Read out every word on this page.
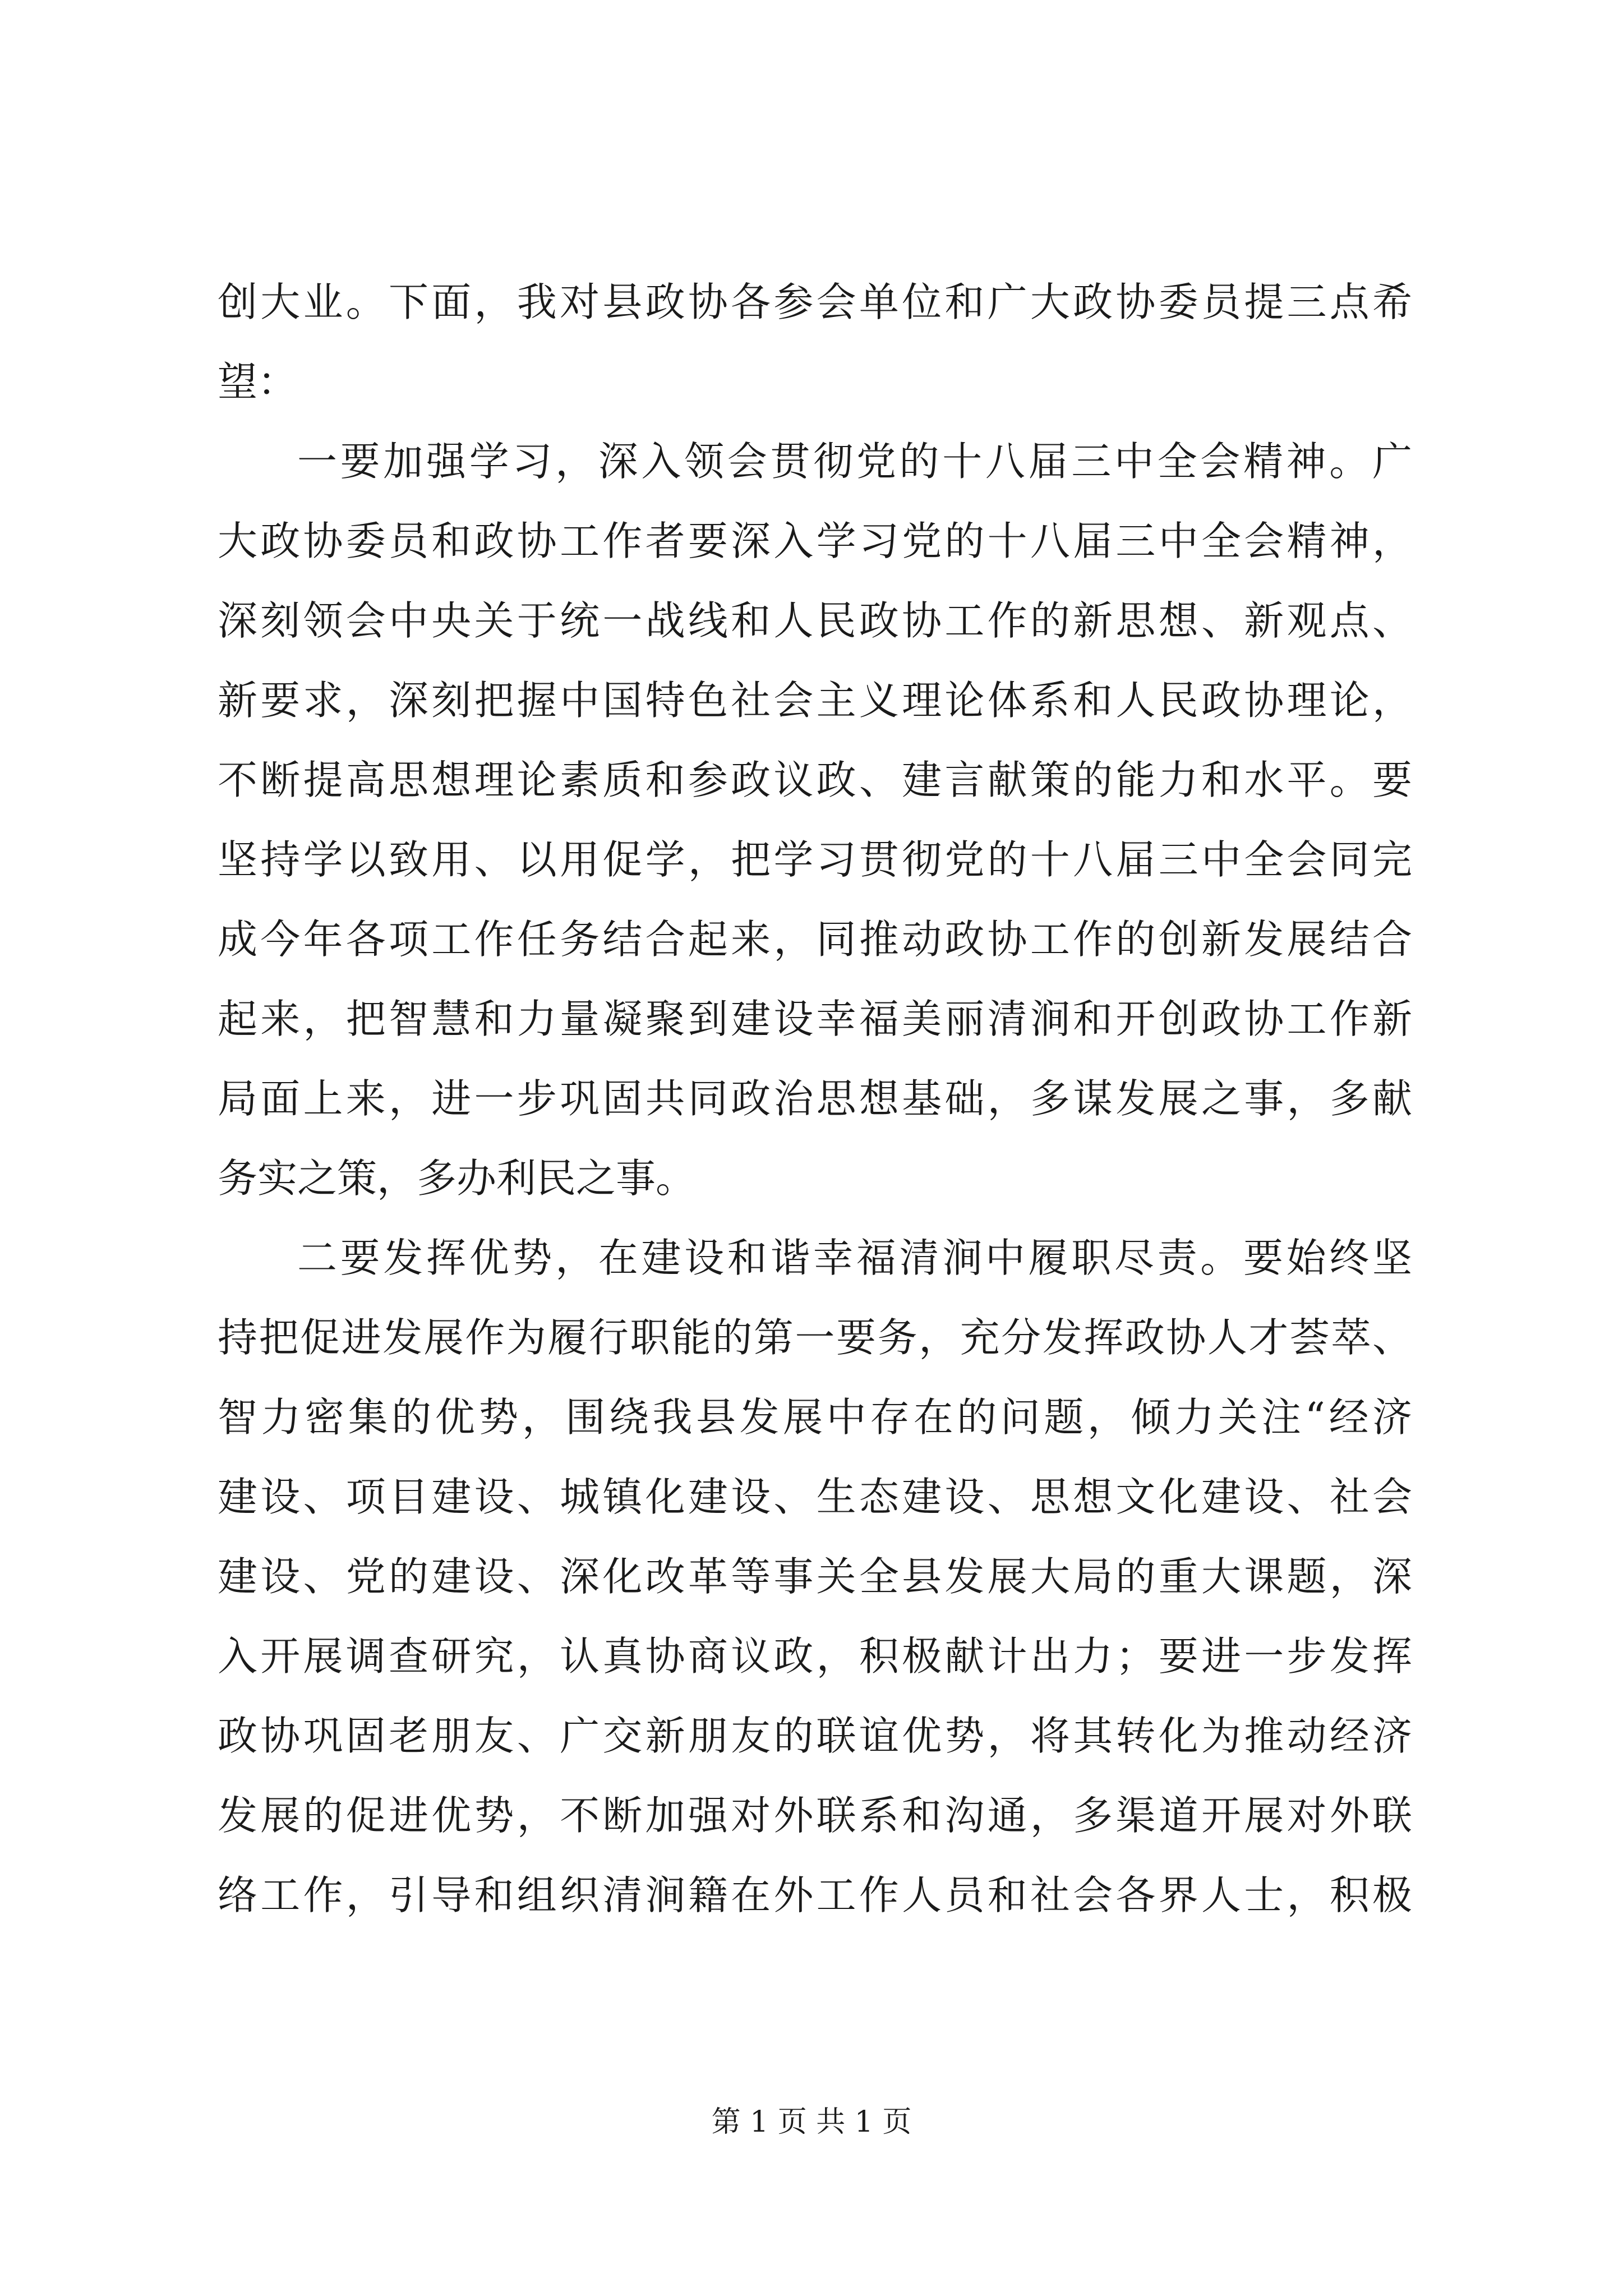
创大业。下面，我对县政协各参会单位和广大政协委员提三点希
望：
一要加强学习，深入领会贯彻党的十八届三中全会精神。广
大政协委员和政协工作者要深入学习党的十八届三中全会精神，
深刻领会中央关于统一战线和人民政协工作的新思想、新观点、
新要求，深刻把握中国特色社会主义理论体系和人民政协理论，
不断提高思想理论素质和参政议政、建言献策的能力和水平。要
坚持学以致用、以用促学，把学习贯彻党的十八届三中全会同完
成今年各项工作任务结合起来，同推动政协工作的创新发展结合
起来，把智慧和力量凝聚到建设幸福美丽清涧和开创政协工作新
局面上来，进一步巩固共同政治思想基础，多谋发展之事，多献
务实之策，多办利民之事。
二要发挥优势，在建设和谐幸福清涧中履职尽责。要始终坚
持把促进发展作为履行职能的第一要务，充分发挥政协人才荟萃、
智力密集的优势，围绕我县发展中存在的问题，倾力关注“经济
建设、项目建设、城镇化建设、生态建设、思想文化建设、社会
建设、党的建设、深化改革等事关全县发展大局的重大课题，深
入开展调查研究，认真协商议政，积极献计出力；要进一步发挥
政协巩固老朋友、广交新朋友的联谊优势，将其转化为推动经济
发展的促进优势，不断加强对外联系和沟通，多渠道开展对外联
络工作，引导和组织清涧籍在外工作人员和社会各界人士，积极
第 1 页 共 1 页
